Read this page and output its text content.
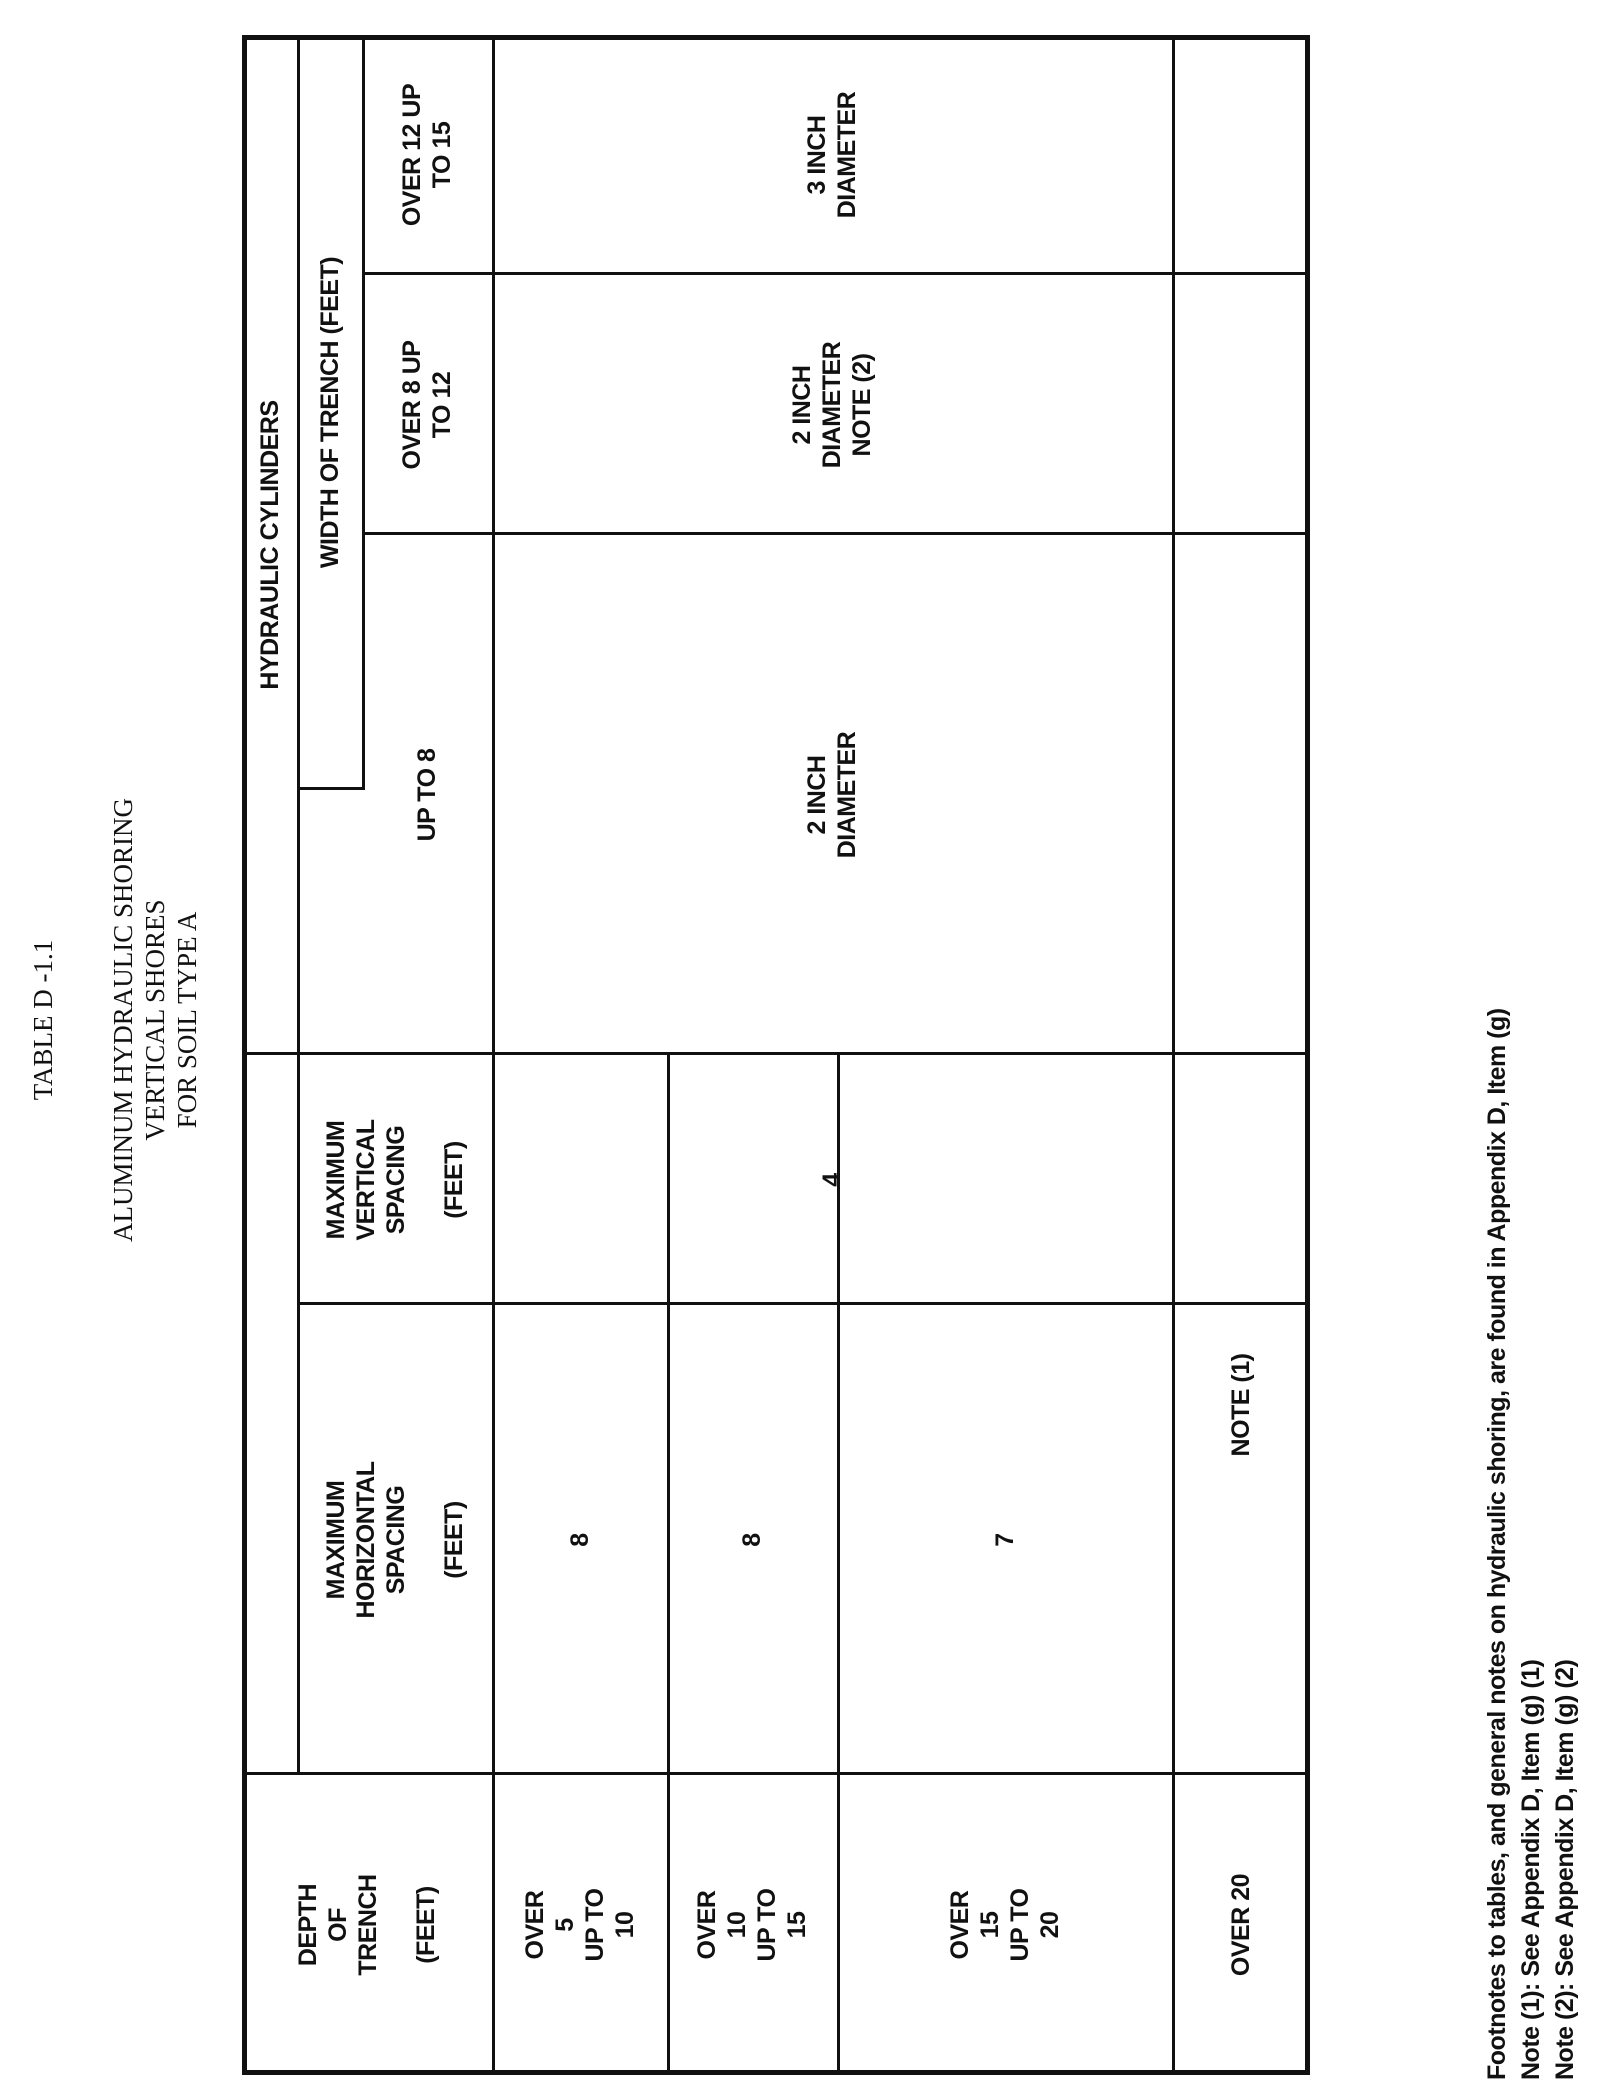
TABLE D -1.1 ALUMINUM HYDRAULIC SHORING VERTICAL SHORES FOR SOIL TYPE A
HYDRAULIC CYLINDERS WIDTH OF TRENCH (FEET)
DEPTH OF TRENCH (FEET)
MAXIMUM HORIZONTAL SPACING (FEET)
MAXIMUM VERTICAL SPACING (FEET)
UP TO 8
OVER 8 UP TO 12
OVER 12 UP TO 15
OVER 5 UP TO 10
8
OVER 10 UP TO 15
8
OVER 15 UP TO 20
7
4
2 INCH DIAMETER
2 INCH DIAMETER NOTE (2)
3 INCH DIAMETER
OVER 20
NOTE (1)	Footnotes to tables, and general notes on hydraulic shoring, are found in Appendix D, Item (g) Note (1): See Appendix D, Item (g) (1) Note (2): See Appendix D, Item (g) (2)
